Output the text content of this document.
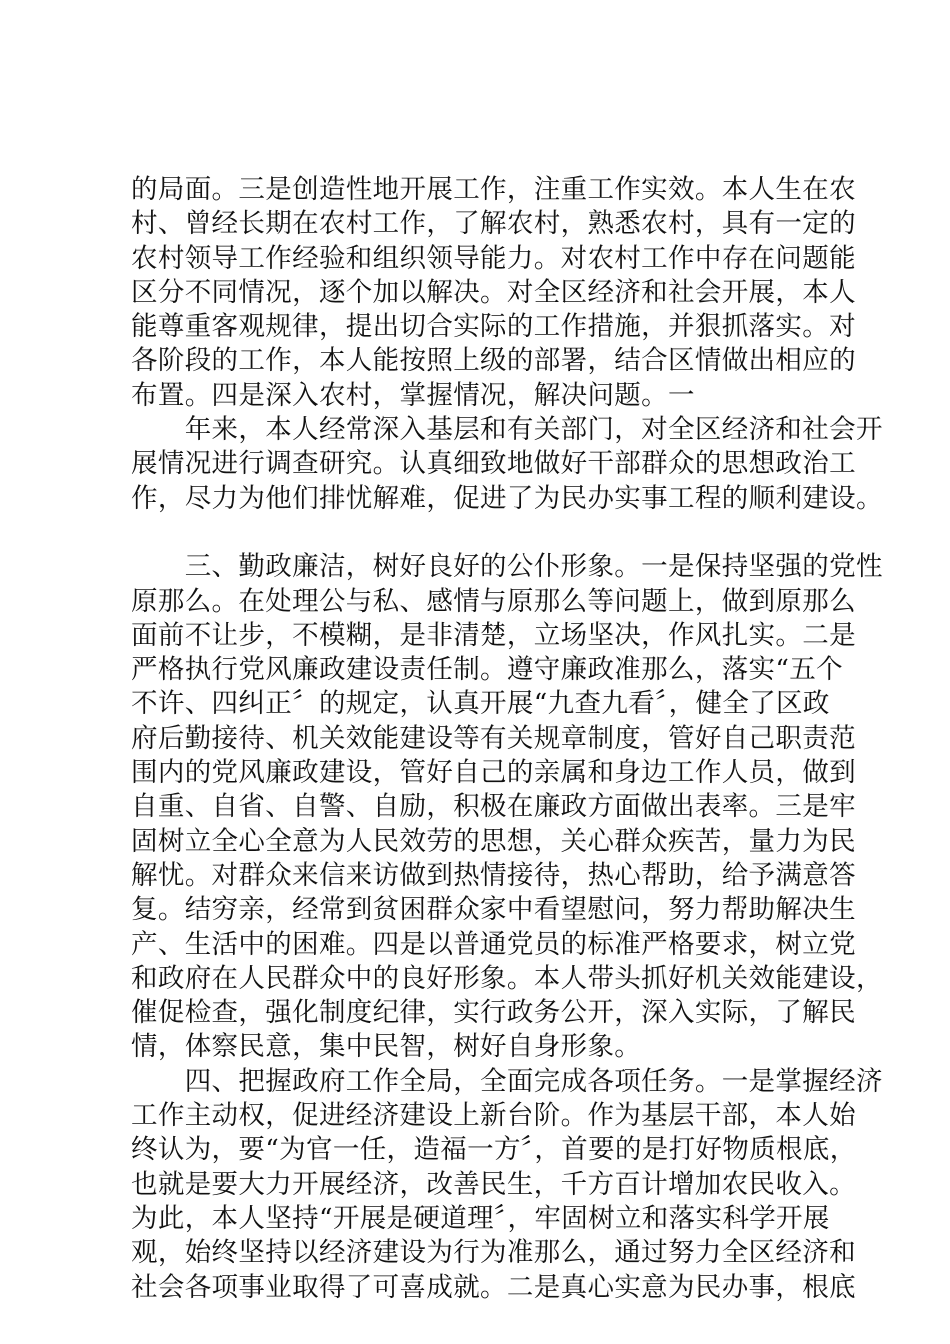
的局面。三是创造性地开展工作，注重工作实效。本人生在农
村、曾经长期在农村工作，了解农村，熟悉农村，具有一定的
农村领导工作经验和组织领导能力。对农村工作中存在问题能
区分不同情况，逐个加以解决。对全区经济和社会开展，本人
能尊重客观规律，提出切合实际的工作措施，并狠抓落实。对
各阶段的工作，本人能按照上级的部署，结合区情做出相应的
布置。四是深入农村，掌握情况，解决问题。一
　　年来，本人经常深入基层和有关部门，对全区经济和社会开
展情况进行调查研究。认真细致地做好干部群众的思想政治工
作，尽力为他们排忧解难，促进了为民办实事工程的顺利建设。
　　三、勤政廉洁，树好良好的公仆形象。一是保持坚强的党性
原那么。在处理公与私、感情与原那么等问题上，做到原那么
面前不让步，不模糊，是非清楚，立场坚决，作风扎实。二是
严格执行党风廉政建设责任制。遵守廉政准那么，落实“五个
不许、四纠正〞的规定，认真开展“九查九看〞，健全了区政
府后勤接待、机关效能建设等有关规章制度，管好自己职责范
围内的党风廉政建设，管好自己的亲属和身边工作人员，做到
自重、自省、自警、自励，积极在廉政方面做出表率。三是牢
固树立全心全意为人民效劳的思想，关心群众疾苦，量力为民
解忧。对群众来信来访做到热情接待，热心帮助，给予满意答
复。结穷亲，经常到贫困群众家中看望慰问，努力帮助解决生
产、生活中的困难。四是以普通党员的标准严格要求，树立党
和政府在人民群众中的良好形象。本人带头抓好机关效能建设，
催促检查，强化制度纪律，实行政务公开，深入实际，了解民
情，体察民意，集中民智，树好自身形象。
　　四、把握政府工作全局，全面完成各项任务。一是掌握经济
工作主动权，促进经济建设上新台阶。作为基层干部，本人始
终认为，要“为官一任，造福一方〞，首要的是打好物质根底，
也就是要大力开展经济，改善民生，千方百计增加农民收入。
为此，本人坚持“开展是硬道理〞，牢固树立和落实科学开展
观，始终坚持以经济建设为行为准那么，通过努力全区经济和
社会各项事业取得了可喜成就。二是真心实意为民办事，根底
